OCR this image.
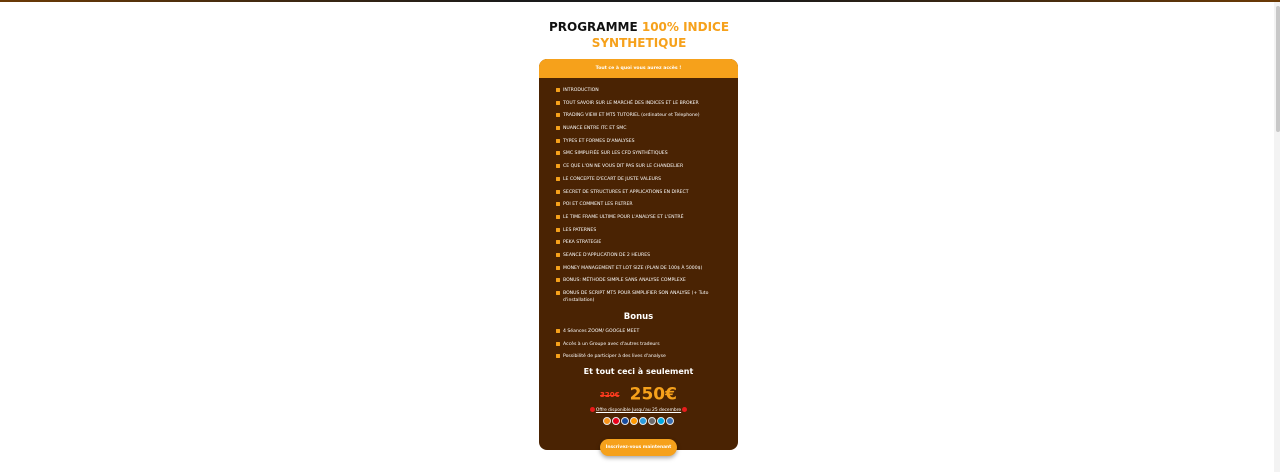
PROGRAMME 100% INDICE SYNTHETIQUE
Tout ce à quoi vous aurez accès !
INTRODUCTION
TOUT SAVOIR SUR LE MARCHÉ DES INDICES ET LE BROKER
TRADING VIEW ET MT5 TUTORIEL (ordinateur et Telephone)
NUANCE ENTRE ITC ET SMC
TYPES ET FORMES D'ANALYSES
SMC SIMPLIFIÉE SUR LES CFD SYNTHÉTIQUES
CE QUE L'ON NE VOUS DIT PAS SUR LE CHANDELIER
LE CONCEPTE D'ECART DE JUSTE VALEURS
SECRET DE STRUCTURES ET APPLICATIONS EN DIRECT
POI ET COMMENT LES FILTRER
LE TIME FRAME ULTIME POUR L'ANALYSE ET L'ENTRÉ
LES PATERNES
PEKA STRATEGIE
SEANCE D'APPLICATION DE 2 HEURES
MONEY MANAGEMENT ET LOT SIZE (PLAN DE 100$ À 5000$)
BONUS: MÉTHODE SIMPLE SANS ANALYSE COMPLEXE
BONUS DE SCRIPT MT5 POUR SIMPLIFIER SON ANALYSE (+ Tuto d'installation)
Bonus
4 Séances ZOOM/ GOOGLE MEET
Accès à un Groupe avec d'autres tradeurs
Possibilité de participer à des lives d'analyse
Et tout ceci à seulement
320€ 250€
Offre disponible Jusqu'au 25 decembre
Inscrivez-vous maintenant
